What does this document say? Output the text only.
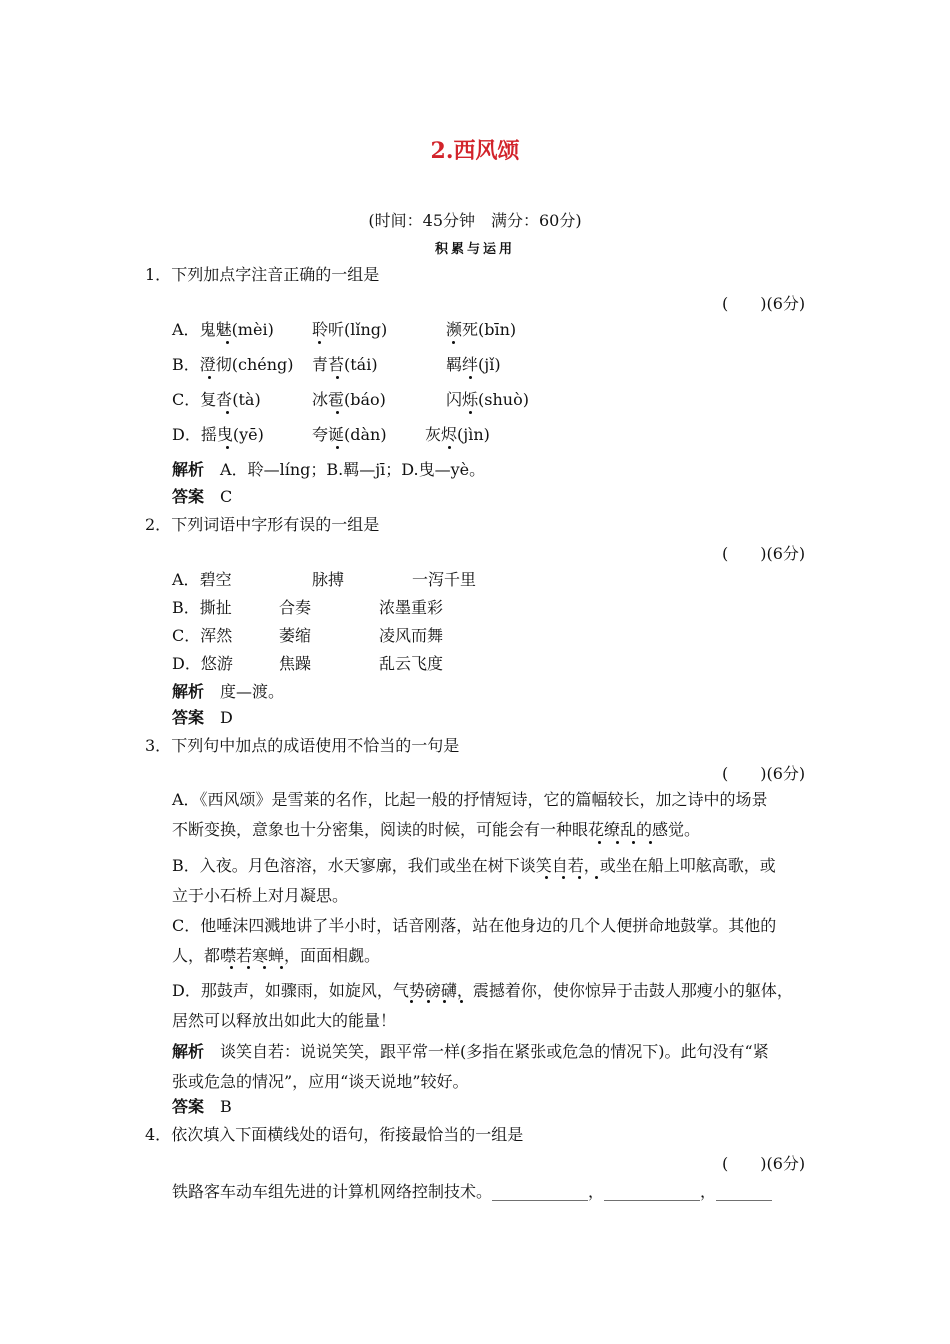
2.西风颂
(时间：45分钟　满分：60分)
积累与运用
1．下列加点字注音正确的一组是
(　　)(6分)
A．鬼魅(mèi) 聆听(lǐng)	濒死(bīn)
B．澄彻(chéng) 青苔(tái)	羁绊(jǐ)
C．复沓(tà)	冰雹(báo)	闪烁(shuò)
D．摇曳(yē)	夸诞(dàn) 灰烬(jìn)
解析　 A．聆—líng；B.羁—jī；D.曳—yè。
答案　 C
2．下列词语中字形有误的一组是
(　　)(6分)
A．碧空	脉搏	一泻千里
B．撕扯	合奏	浓墨重彩
C．浑然	萎缩	凌风而舞
D．悠游	焦躁	乱云飞度
解析　 度—渡。
答案　 D
3．下列句中加点的成语使用不恰当的一句是
(　　)(6分)
A．《西风颂》是雪莱的名作，比起一般的抒情短诗，它的篇幅较长，加之诗中的场景
不断变换，意象也十分密集，阅读的时候，可能会有一种眼花缭乱的感觉。
B．入夜。月色溶溶，水天寥廓，我们或坐在树下谈笑自若，或坐在船上叩舷高歌，或
立于小石桥上对月凝思。
C．他唾沫四溅地讲了半小时，话音刚落，站在他身边的几个人便拼命地鼓掌。其他的
人，都噤若寒蝉，面面相觑。
D．那鼓声，如骤雨，如旋风，气势磅礴，震撼着你，使你惊异于击鼓人那瘦小的躯体，
居然可以释放出如此大的能量！
解析　 谈笑自若：说说笑笑，跟平常一样(多指在紧张或危急的情况下)。此句没有“紧
张或危急的情况”，应用“谈天说地”较好。
答案　 B
4．依次填入下面横线处的语句，衔接最恰当的一组是
(　　)(6分)
铁路客车动车组先进的计算机网络控制技术。____________，____________，_______
